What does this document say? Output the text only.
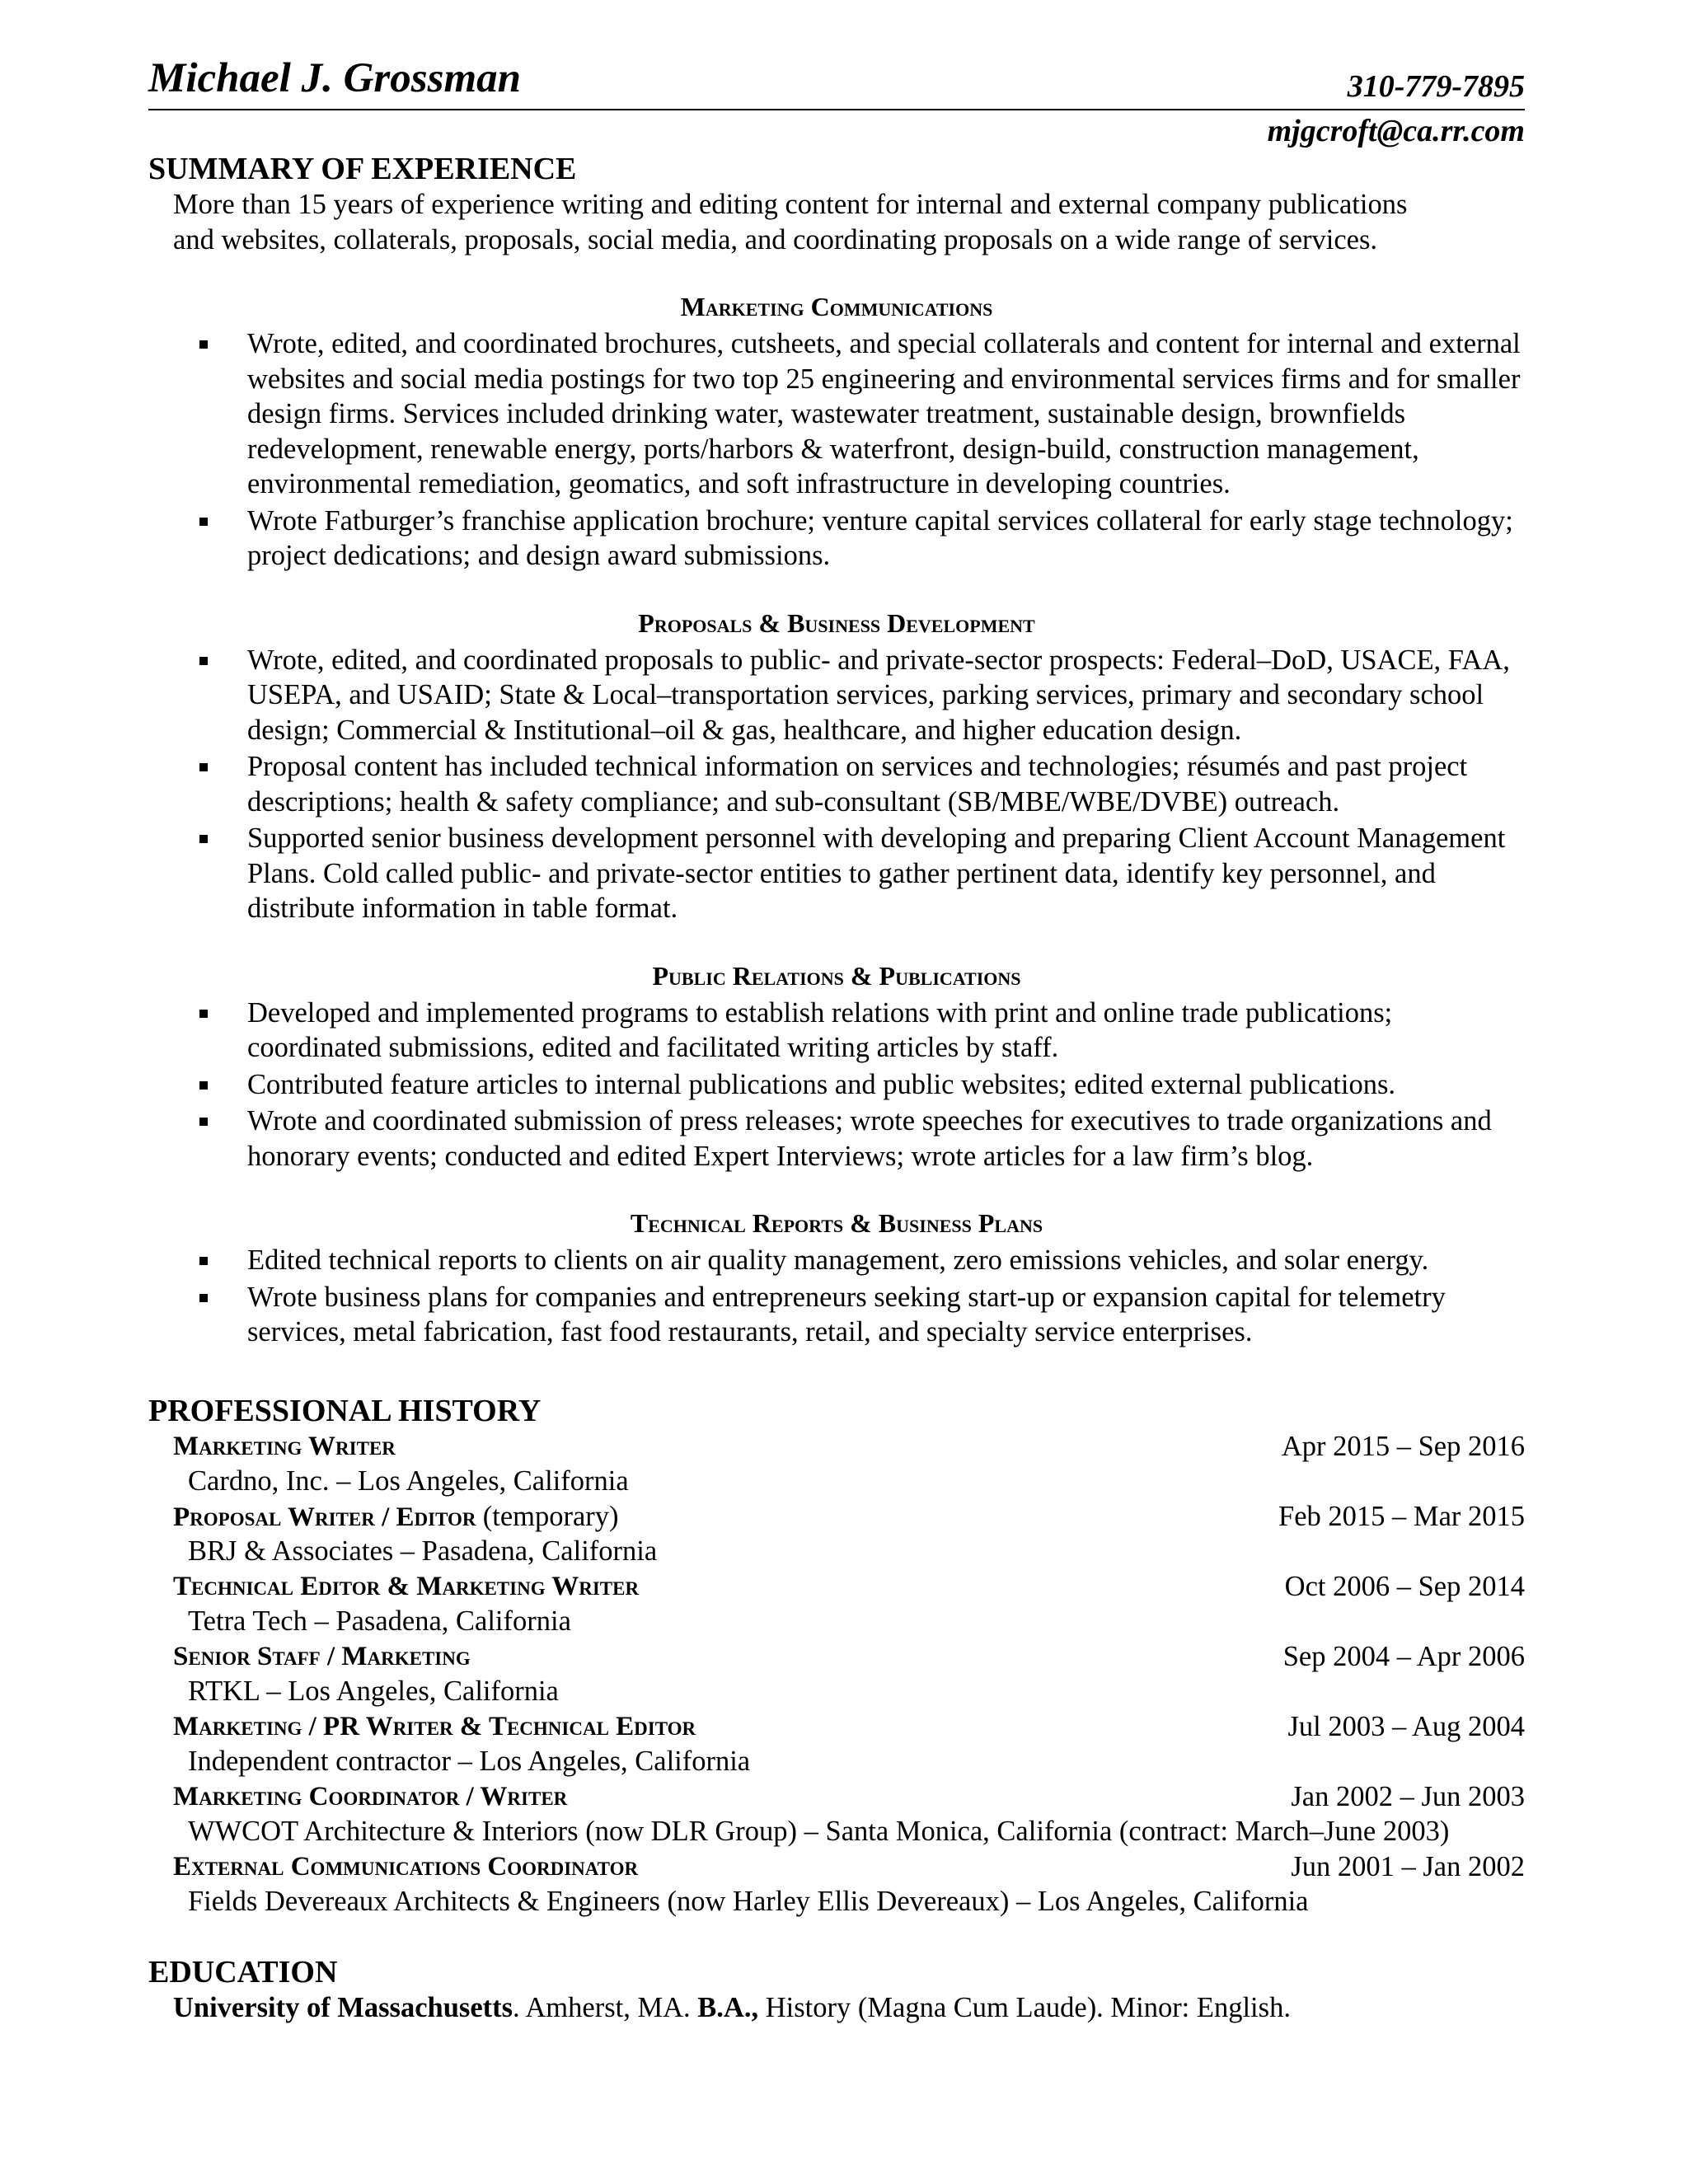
Michael J. Grossman	310-779-7895
mjgcroft@ca.rr.com
SUMMARY OF EXPERIENCE
More than 15 years of experience writing and editing content for internal and external company publications
and websites, collaterals, proposals, social media, and coordinating proposals on a wide range of services.
Marketing Communications
Wrote, edited, and coordinated brochures, cutsheets, and special collaterals and content for internal and external websites and social media postings for two top 25 engineering and environmental services firms and for smaller design firms. Services included drinking water, wastewater treatment, sustainable design, brownfields redevelopment, renewable energy, ports/harbors & waterfront, design-build, construction management, environmental remediation, geomatics, and soft infrastructure in developing countries.
Wrote Fatburger’s franchise application brochure; venture capital services collateral for early stage technology; project dedications; and design award submissions.
Proposals & Business Development
Wrote, edited, and coordinated proposals to public- and private-sector prospects: Federal–DoD, USACE, FAA, USEPA, and USAID; State & Local–transportation services, parking services, primary and secondary school design; Commercial & Institutional–oil & gas, healthcare, and higher education design.
Proposal content has included technical information on services and technologies; résumés and past project descriptions; health & safety compliance; and sub-consultant (SB/MBE/WBE/DVBE) outreach.
Supported senior business development personnel with developing and preparing Client Account Management Plans. Cold called public- and private-sector entities to gather pertinent data, identify key personnel, and distribute information in table format.
Public Relations & Publications
Developed and implemented programs to establish relations with print and online trade publications; coordinated submissions, edited and facilitated writing articles by staff.
Contributed feature articles to internal publications and public websites; edited external publications.
Wrote and coordinated submission of press releases; wrote speeches for executives to trade organizations and honorary events; conducted and edited Expert Interviews; wrote articles for a law firm’s blog.
Technical Reports & Business Plans
Edited technical reports to clients on air quality management, zero emissions vehicles, and solar energy.
Wrote business plans for companies and entrepreneurs seeking start-up or expansion capital for telemetry services, metal fabrication, fast food restaurants, retail, and specialty service enterprises.
PROFESSIONAL HISTORY
Marketing Writer	Apr 2015 – Sep 2016
Cardno, Inc. – Los Angeles, California
Proposal Writer / Editor (temporary)	Feb 2015 – Mar 2015
BRJ & Associates – Pasadena, California
Technical Editor & Marketing Writer	Oct 2006 – Sep 2014
Tetra Tech – Pasadena, California
Senior Staff / Marketing	Sep 2004 – Apr 2006
RTKL – Los Angeles, California
Marketing / PR Writer & Technical Editor	Jul 2003 – Aug 2004
Independent contractor – Los Angeles, California
Marketing Coordinator / Writer	Jan 2002 – Jun 2003
WWCOT Architecture & Interiors (now DLR Group) – Santa Monica, California (contract: March–June 2003)
External Communications Coordinator	Jun 2001 – Jan 2002
Fields Devereaux Architects & Engineers (now Harley Ellis Devereaux) – Los Angeles, California
EDUCATION
University of Massachusetts. Amherst, MA. B.A., History (Magna Cum Laude). Minor: English.
